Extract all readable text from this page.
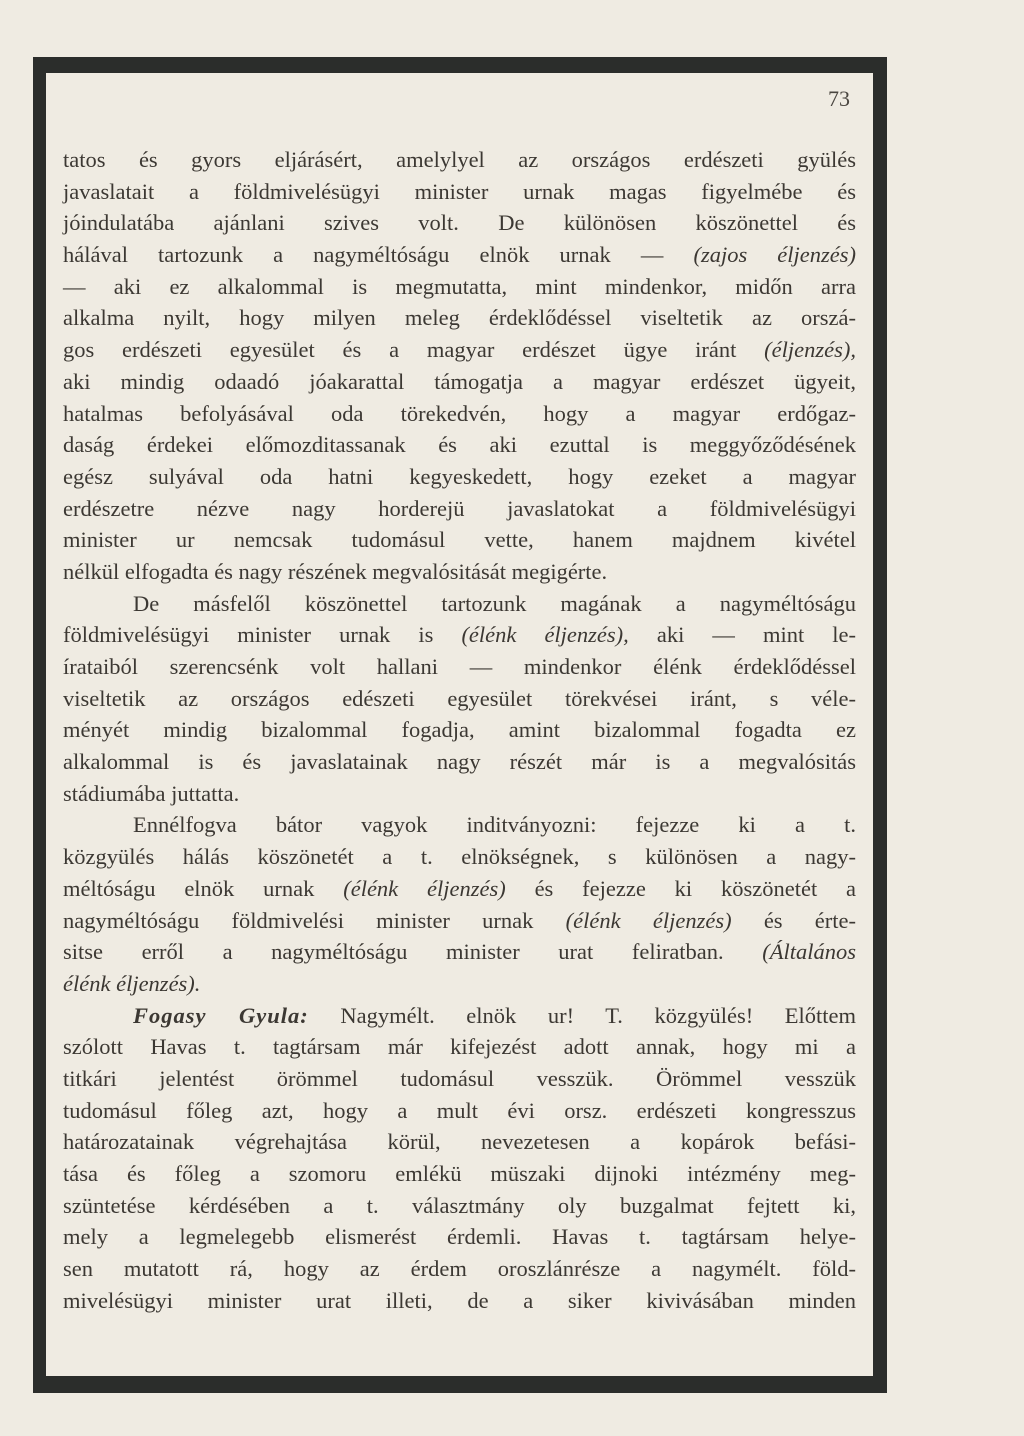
73
tatos és gyors eljárásért, amelylyel az országos erdészeti gyülés
javaslatait a földmivelésügyi minister urnak magas figyelmébe és
jóindulatába ajánlani szives volt. De különösen köszönettel és
hálával tartozunk a nagyméltóságu elnök urnak — (zajos éljenzés)
— aki ez alkalommal is megmutatta, mint mindenkor, midőn arra
alkalma nyilt, hogy milyen meleg érdeklődéssel viseltetik az orszá-
gos erdészeti egyesület és a magyar erdészet ügye iránt (éljenzés),
aki mindig odaadó jóakarattal támogatja a magyar erdészet ügyeit,
hatalmas befolyásával oda törekedvén, hogy a magyar erdőgaz-
daság érdekei előmozditassanak és aki ezuttal is meggyőződésének
egész sulyával oda hatni kegyeskedett, hogy ezeket a magyar
erdészetre nézve nagy horderejü javaslatokat a földmivelésügyi
minister ur nemcsak tudomásul vette, hanem majdnem kivétel
nélkül elfogadta és nagy részének megvalósitását megigérte.
De másfelől köszönettel tartozunk magának a nagyméltóságu
földmivelésügyi minister urnak is (élénk éljenzés), aki — mint le-
írataiból szerencsénk volt hallani — mindenkor élénk érdeklődéssel
viseltetik az országos edészeti egyesület törekvései iránt, s véle-
ményét mindig bizalommal fogadja, amint bizalommal fogadta ez
alkalommal is és javaslatainak nagy részét már is a megvalósitás
stádiumába juttatta.
Ennélfogva bátor vagyok inditványozni: fejezze ki a t.
közgyülés hálás köszönetét a t. elnökségnek, s különösen a nagy-
méltóságu elnök urnak (élénk éljenzés) és fejezze ki köszönetét a
nagyméltóságu földmivelési minister urnak (élénk éljenzés) és érte-
sitse erről a nagyméltóságu minister urat feliratban. (Általános
élénk éljenzés).
Fogasy Gyula: Nagymélt. elnök ur! T. közgyülés! Előttem
szólott Havas t. tagtársam már kifejezést adott annak, hogy mi a
titkári jelentést örömmel tudomásul vesszük. Örömmel vesszük
tudomásul főleg azt, hogy a mult évi orsz. erdészeti kongresszus
határozatainak végrehajtása körül, nevezetesen a kopárok befási-
tása és főleg a szomoru emlékü müszaki dijnoki intézmény meg-
szüntetése kérdésében a t. választmány oly buzgalmat fejtett ki,
mely a legmelegebb elismerést érdemli. Havas t. tagtársam helye-
sen mutatott rá, hogy az érdem oroszlánrésze a nagymélt. föld-
mivelésügyi minister urat illeti, de a siker kivivásában minden
